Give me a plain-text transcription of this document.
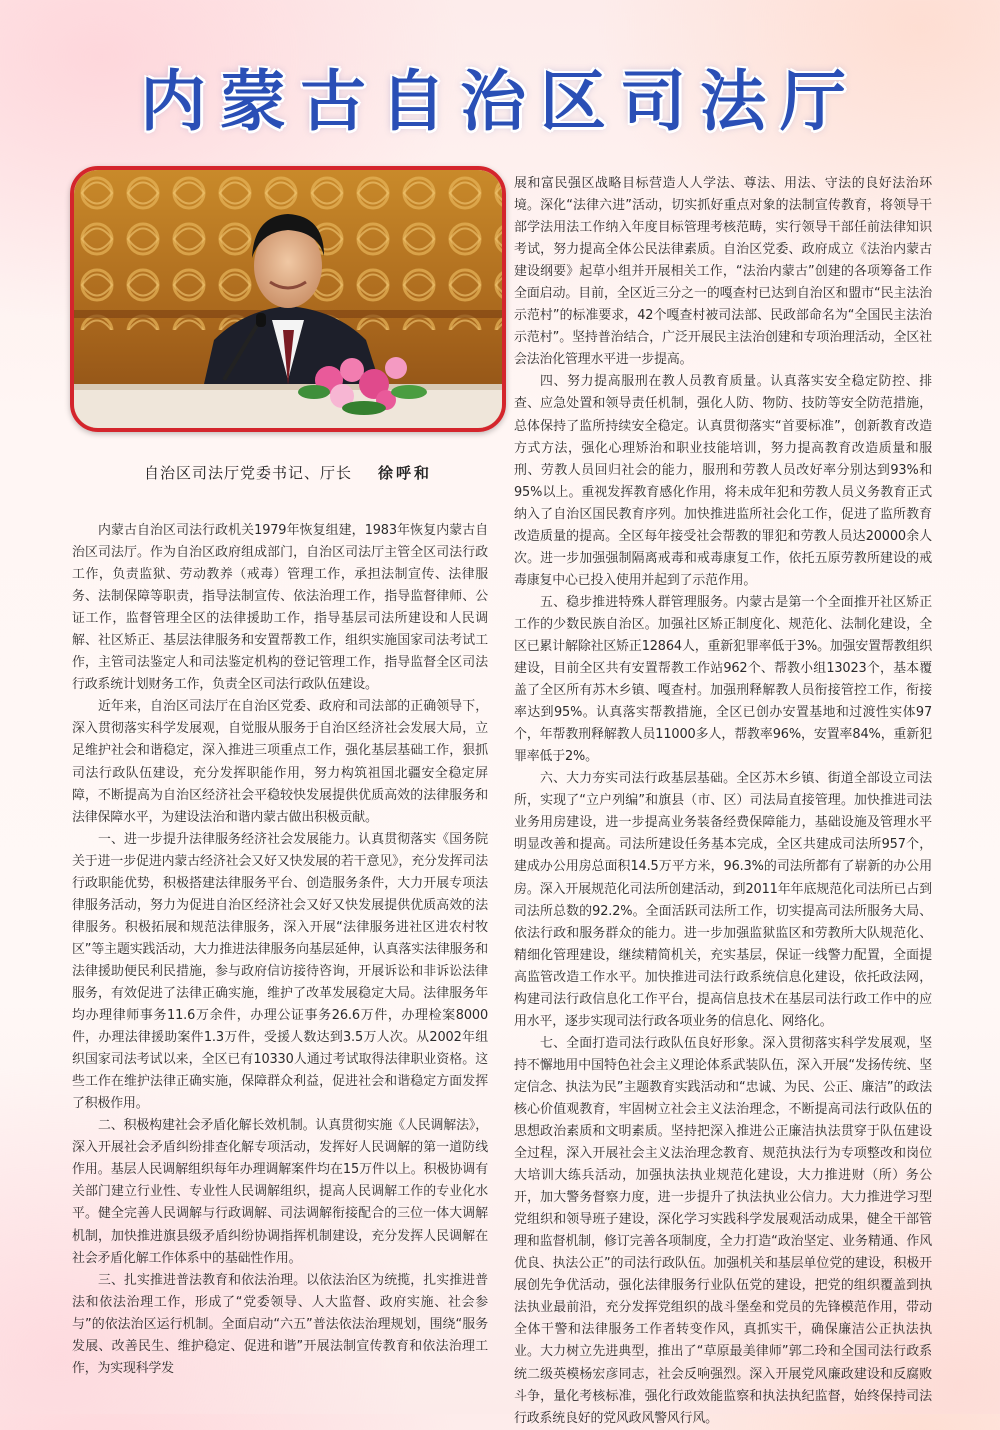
内蒙古自治区司法厅
自治区司法厅党委书记、厅长 徐呼和

内蒙古自治区司法行政机关1979年恢复组建，1983年恢复内蒙古自治区司法厅。作为自治区政府组成部门，自治区司法厅主管全区司法行政工作，负责监狱、劳动教养（戒毒）管理工作，承担法制宣传、法律服务、法制保障等职责，指导法制宣传、依法治理工作，指导监督律师、公证工作，监督管理全区的法律援助工作，指导基层司法所建设和人民调解、社区矫正、基层法律服务和安置帮教工作，组织实施国家司法考试工作，主管司法鉴定人和司法鉴定机构的登记管理工作，指导监督全区司法行政系统计划财务工作，负责全区司法行政队伍建设。

近年来，自治区司法厅在自治区党委、政府和司法部的正确领导下，深入贯彻落实科学发展观，自觉服从服务于自治区经济社会发展大局，立足维护社会和谐稳定，深入推进三项重点工作，强化基层基础工作，狠抓司法行政队伍建设，充分发挥职能作用，努力构筑祖国北疆安全稳定屏障，不断提高为自治区经济社会平稳较快发展提供优质高效的法律服务和法律保障水平，为建设法治和谐内蒙古做出积极贡献。

一、进一步提升法律服务经济社会发展能力。认真贯彻落实《国务院关于进一步促进内蒙古经济社会又好又快发展的若干意见》，充分发挥司法行政职能优势，积极搭建法律服务平台、创造服务条件，大力开展专项法律服务活动，努力为促进自治区经济社会又好又快发展提供优质高效的法律服务。积极拓展和规范法律服务，深入开展“法律服务进社区进农村牧区”等主题实践活动，大力推进法律服务向基层延伸，认真落实法律服务和法律援助便民利民措施，参与政府信访接待咨询，开展诉讼和非诉讼法律服务，有效促进了法律正确实施，维护了改革发展稳定大局。法律服务年均办理律师事务11.6万余件，办理公证事务26.6万件，办理检案8000件，办理法律援助案件1.3万件，受援人数达到3.5万人次。从2002年组织国家司法考试以来，全区已有10330人通过考试取得法律职业资格。这些工作在维护法律正确实施，保障群众利益，促进社会和谐稳定方面发挥了积极作用。

二、积极构建社会矛盾化解长效机制。认真贯彻实施《人民调解法》，深入开展社会矛盾纠纷排查化解专项活动，发挥好人民调解的第一道防线作用。基层人民调解组织每年办理调解案件均在15万件以上。积极协调有关部门建立行业性、专业性人民调解组织，提高人民调解工作的专业化水平。健全完善人民调解与行政调解、司法调解衔接配合的三位一体大调解机制，加快推进旗县级矛盾纠纷协调指挥机制建设，充分发挥人民调解在社会矛盾化解工作体系中的基础性作用。

三、扎实推进普法教育和依法治理。以依法治区为统揽，扎实推进普法和依法治理工作，形成了“党委领导、人大监督、政府实施、社会参与”的依法治区运行机制。全面启动“六五”普法依法治理规划，围绕“服务发展、改善民生、维护稳定、促进和谐”开展法制宣传教育和依法治理工作，为实现科学发

展和富民强区战略目标营造人人学法、尊法、用法、守法的良好法治环境。深化“法律六进”活动，切实抓好重点对象的法制宣传教育，将领导干部学法用法工作纳入年度目标管理考核范畴，实行领导干部任前法律知识考试，努力提高全体公民法律素质。自治区党委、政府成立《法治内蒙古建设纲要》起草小组并开展相关工作，“法治内蒙古”创建的各项筹备工作全面启动。目前，全区近三分之一的嘎查村已达到自治区和盟市“民主法治示范村”的标准要求，42个嘎查村被司法部、民政部命名为“全国民主法治示范村”。坚持普治结合，广泛开展民主法治创建和专项治理活动，全区社会法治化管理水平进一步提高。

四、努力提高服刑在教人员教育质量。认真落实安全稳定防控、排查、应急处置和领导责任机制，强化人防、物防、技防等安全防范措施，总体保持了监所持续安全稳定。认真贯彻落实“首要标准”，创新教育改造方式方法，强化心理矫治和职业技能培训，努力提高教育改造质量和服刑、劳教人员回归社会的能力，服刑和劳教人员改好率分别达到93%和95%以上。重视发挥教育感化作用，将未成年犯和劳教人员义务教育正式纳入了自治区国民教育序列。加快推进监所社会化工作，促进了监所教育改造质量的提高。全区每年接受社会帮教的罪犯和劳教人员达20000余人次。进一步加强强制隔离戒毒和戒毒康复工作，依托五原劳教所建设的戒毒康复中心已投入使用并起到了示范作用。

五、稳步推进特殊人群管理服务。内蒙古是第一个全面推开社区矫正工作的少数民族自治区。加强社区矫正制度化、规范化、法制化建设，全区已累计解除社区矫正12864人，重新犯罪率低于3%。加强安置帮教组织建设，目前全区共有安置帮教工作站962个、帮教小组13023个，基本覆盖了全区所有苏木乡镇、嘎查村。加强刑释解教人员衔接管控工作，衔接率达到95%。认真落实帮教措施，全区已创办安置基地和过渡性实体97个，年帮教刑释解教人员11000多人，帮教率96%，安置率84%，重新犯罪率低于2%。

六、大力夯实司法行政基层基础。全区苏木乡镇、街道全部设立司法所，实现了“立户列编”和旗县（市、区）司法局直接管理。加快推进司法业务用房建设，进一步提高业务装备经费保障能力，基础设施及管理水平明显改善和提高。司法所建设任务基本完成，全区共建成司法所957个，建成办公用房总面积14.5万平方米，96.3%的司法所都有了崭新的办公用房。深入开展规范化司法所创建活动，到2011年年底规范化司法所已占到司法所总数的92.2%。全面活跃司法所工作，切实提高司法所服务大局、依法行政和服务群众的能力。进一步加强监狱监区和劳教所大队规范化、精细化管理建设，继续精简机关，充实基层，保证一线警力配置，全面提高监管改造工作水平。加快推进司法行政系统信息化建设，依托政法网，构建司法行政信息化工作平台，提高信息技术在基层司法行政工作中的应用水平，逐步实现司法行政各项业务的信息化、网络化。

七、全面打造司法行政队伍良好形象。深入贯彻落实科学发展观，坚持不懈地用中国特色社会主义理论体系武装队伍，深入开展“发扬传统、坚定信念、执法为民”主题教育实践活动和“忠诚、为民、公正、廉洁”的政法核心价值观教育，牢固树立社会主义法治理念，不断提高司法行政队伍的思想政治素质和文明素质。坚持把深入推进公正廉洁执法贯穿于队伍建设全过程，深入开展社会主义法治理念教育、规范执法行为专项整改和岗位大培训大练兵活动，加强执法执业规范化建设，大力推进财（所）务公开，加大警务督察力度，进一步提升了执法执业公信力。大力推进学习型党组织和领导班子建设，深化学习实践科学发展观活动成果，健全干部管理和监督机制，修订完善各项制度，全力打造“政治坚定、业务精通、作风优良、执法公正”的司法行政队伍。加强机关和基层单位党的建设，积极开展创先争优活动，强化法律服务行业队伍党的建设，把党的组织覆盖到执法执业最前沿，充分发挥党组织的战斗堡垒和党员的先锋模范作用，带动全体干警和法律服务工作者转变作风，真抓实干，确保廉洁公正执法执业。大力树立先进典型，推出了“草原最美律师”郭二玲和全国司法行政系统二级英模杨宏彦同志，社会反响强烈。深入开展党风廉政建设和反腐败斗争，量化考核标准，强化行政效能监察和执法执纪监督，始终保持司法行政系统良好的党风政风警风行风。
